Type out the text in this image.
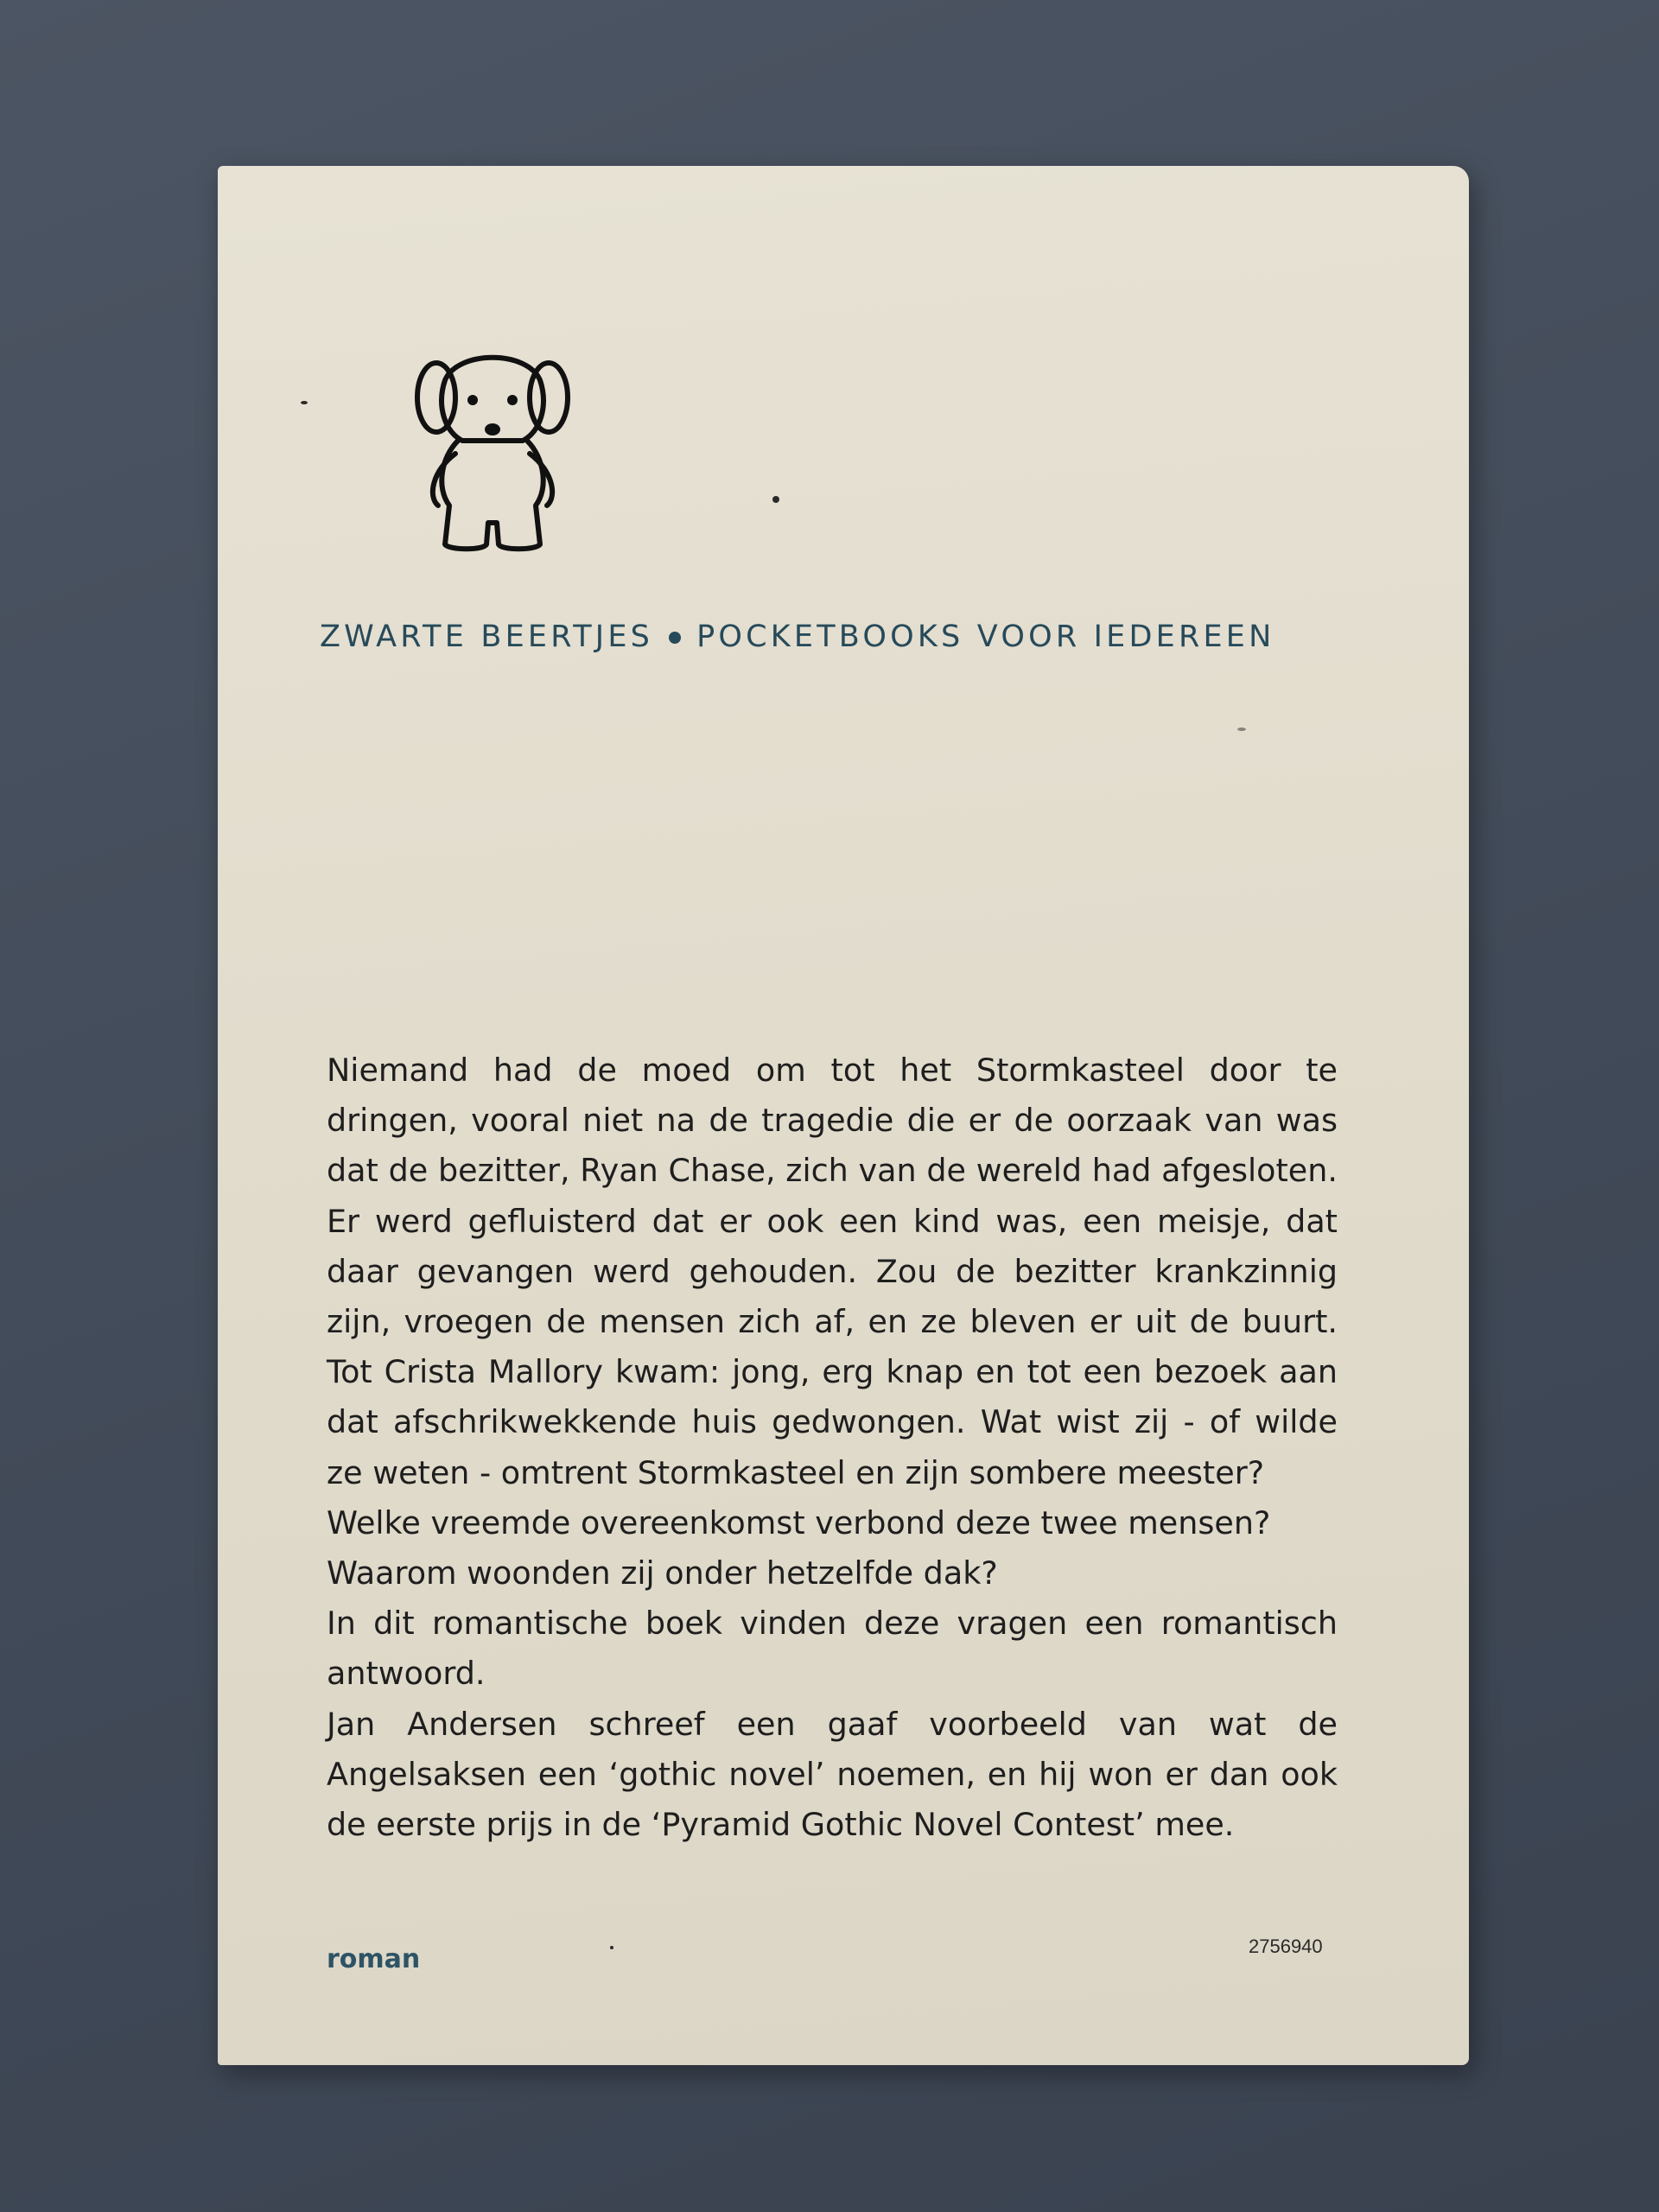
ZWARTE BEERTJES POCKETBOOKS VOOR IEDEREEN

Niemand had de moed om tot het Stormkasteel door te dringen, vooral niet na de tragedie die er de oorzaak van was dat de bezitter, Ryan Chase, zich van de wereld had afgesloten. Er werd gefluisterd dat er ook een kind was, een meisje, dat daar gevangen werd gehouden. Zou de bezitter krankzinnig zijn, vroegen de mensen zich af, en ze bleven er uit de buurt. Tot Crista Mallory kwam: jong, erg knap en tot een bezoek aan dat afschrikwekkende huis gedwongen. Wat wist zij - of wilde ze weten - omtrent Stormkasteel en zijn sombere meester?

Welke vreemde overeenkomst verbond deze twee mensen?

Waarom woonden zij onder hetzelfde dak?

In dit romantische boek vinden deze vragen een romantisch antwoord.

Jan Andersen schreef een gaaf voorbeeld van wat de Angelsaksen een ‘gothic novel’ noemen, en hij won er dan ook de eerste prijs in de ‘Pyramid Gothic Novel Contest’ mee.

roman	2756940
